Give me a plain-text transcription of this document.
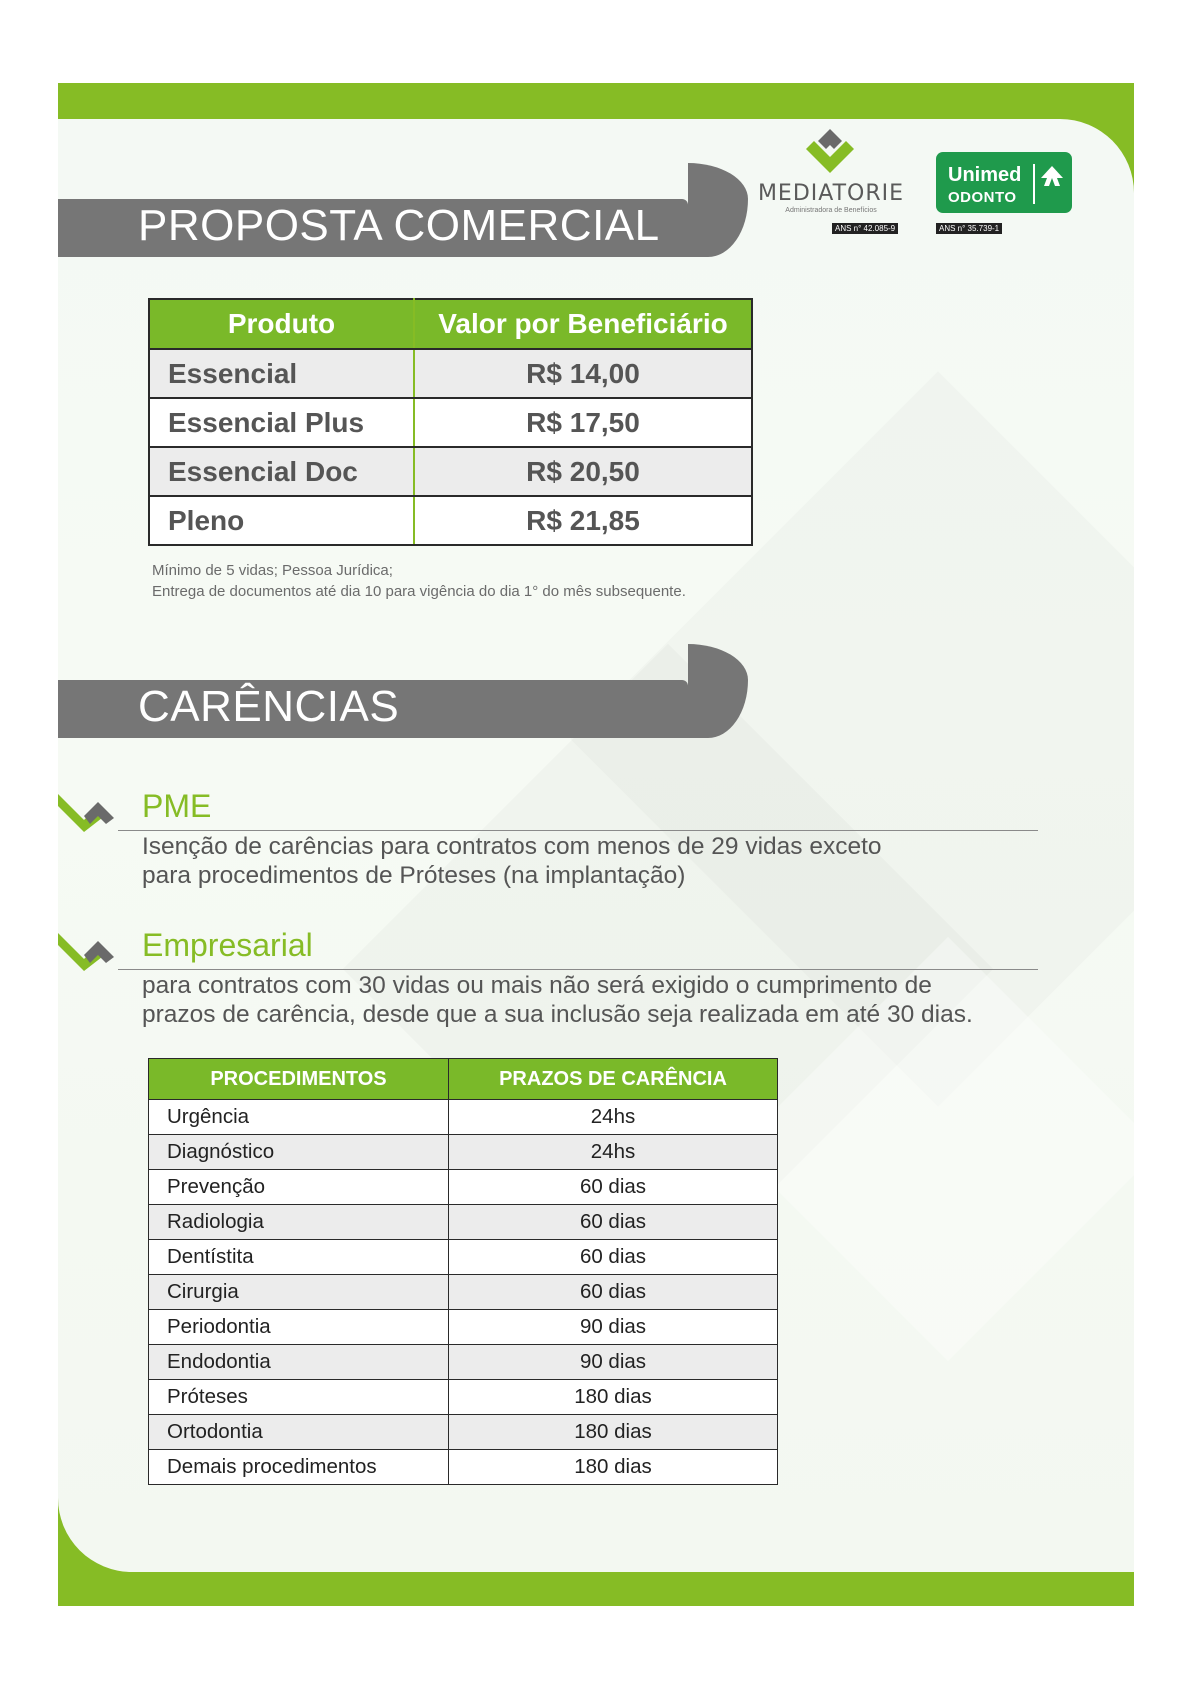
PROPOSTA COMERCIAL
MEDIATORIE
Administradora de Benefícios
ANS n° 42.085-9
Unimed
ODONTO
ANS n° 35.739-1
Produto	Valor por Beneficiário
Essencial	R$ 14,00
Essencial Plus	R$ 17,50
Essencial Doc	R$ 20,50
Pleno	R$ 21,85
Mínimo de 5 vidas; Pessoa Jurídica;
Entrega de documentos até dia 10 para vigência do dia 1° do mês subsequente.
CARÊNCIAS
PME
Isenção de carências para contratos com menos de 29 vidas exceto
para procedimentos de Próteses (na implantação)
Empresarial
para contratos com 30 vidas ou mais não será exigido o cumprimento de
prazos de carência, desde que a sua inclusão seja realizada em até 30 dias.
PROCEDIMENTOS	PRAZOS DE CARÊNCIA
Urgência	24hs
Diagnóstico	24hs
Prevenção	60 dias
Radiologia	60 dias
Dentístita	60 dias
Cirurgia	60 dias
Periodontia	90 dias
Endodontia	90 dias
Próteses	180 dias
Ortodontia	180 dias
Demais procedimentos	180 dias
